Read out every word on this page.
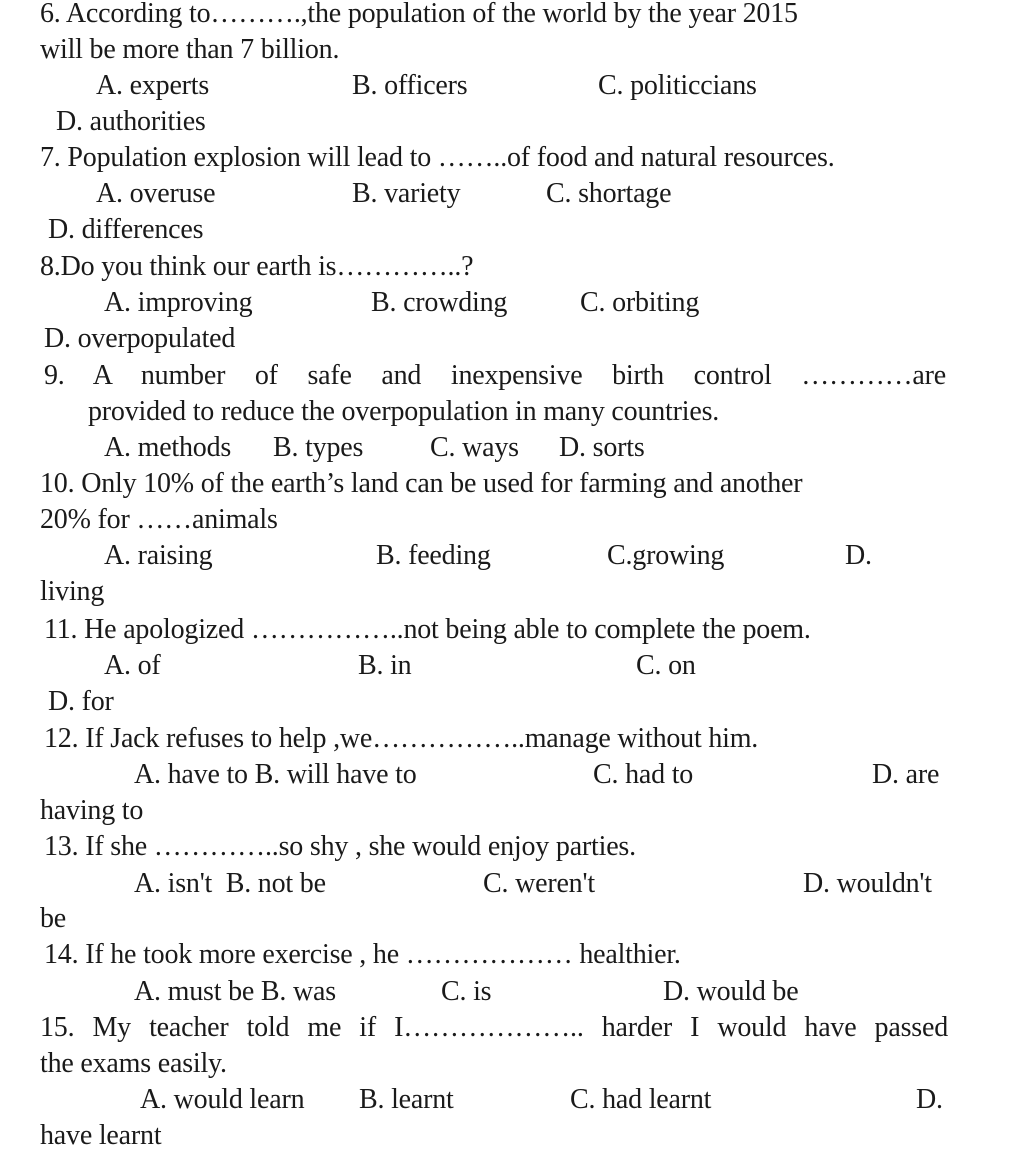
6. According to……….,the population of the world by the year 2015
will be more than 7 billion.
A. experts	B. officers	C. politiccians
D. authorities
7. Population explosion will lead to ……..of food and natural resources.
A. overuse	B. variety	C. shortage
D. differences
8.Do you think our earth is…………..?
A. improving	B. crowding	C. orbiting
D. overpopulated
9. A number of safe and inexpensive birth control …………are
provided to reduce the overpopulation in many countries.
A. methods B. types C. ways D. sorts
10. Only 10% of the earth’s land can be used for farming and another
20% for ……animals
A. raising	B. feeding	C.growing	D.
living
11. He apologized ……………..not being able to complete the poem.
A. of	B. in	C. on
D. for
12. If Jack refuses to help ,we……………..manage without him.
A. have to B. will have to	C. had to	D. are
having to
13. If she …………..so shy , she would enjoy parties.
A. isn't  B. not be	C. weren't	D. wouldn't
be
14. If he took more exercise , he ……………… healthier.
A. must be B. was	C. is	D. would be
15. My teacher told me if I……………….. harder I would have passed
the exams easily.
A. would learn B. learnt	C. had learnt	D.
have learnt
